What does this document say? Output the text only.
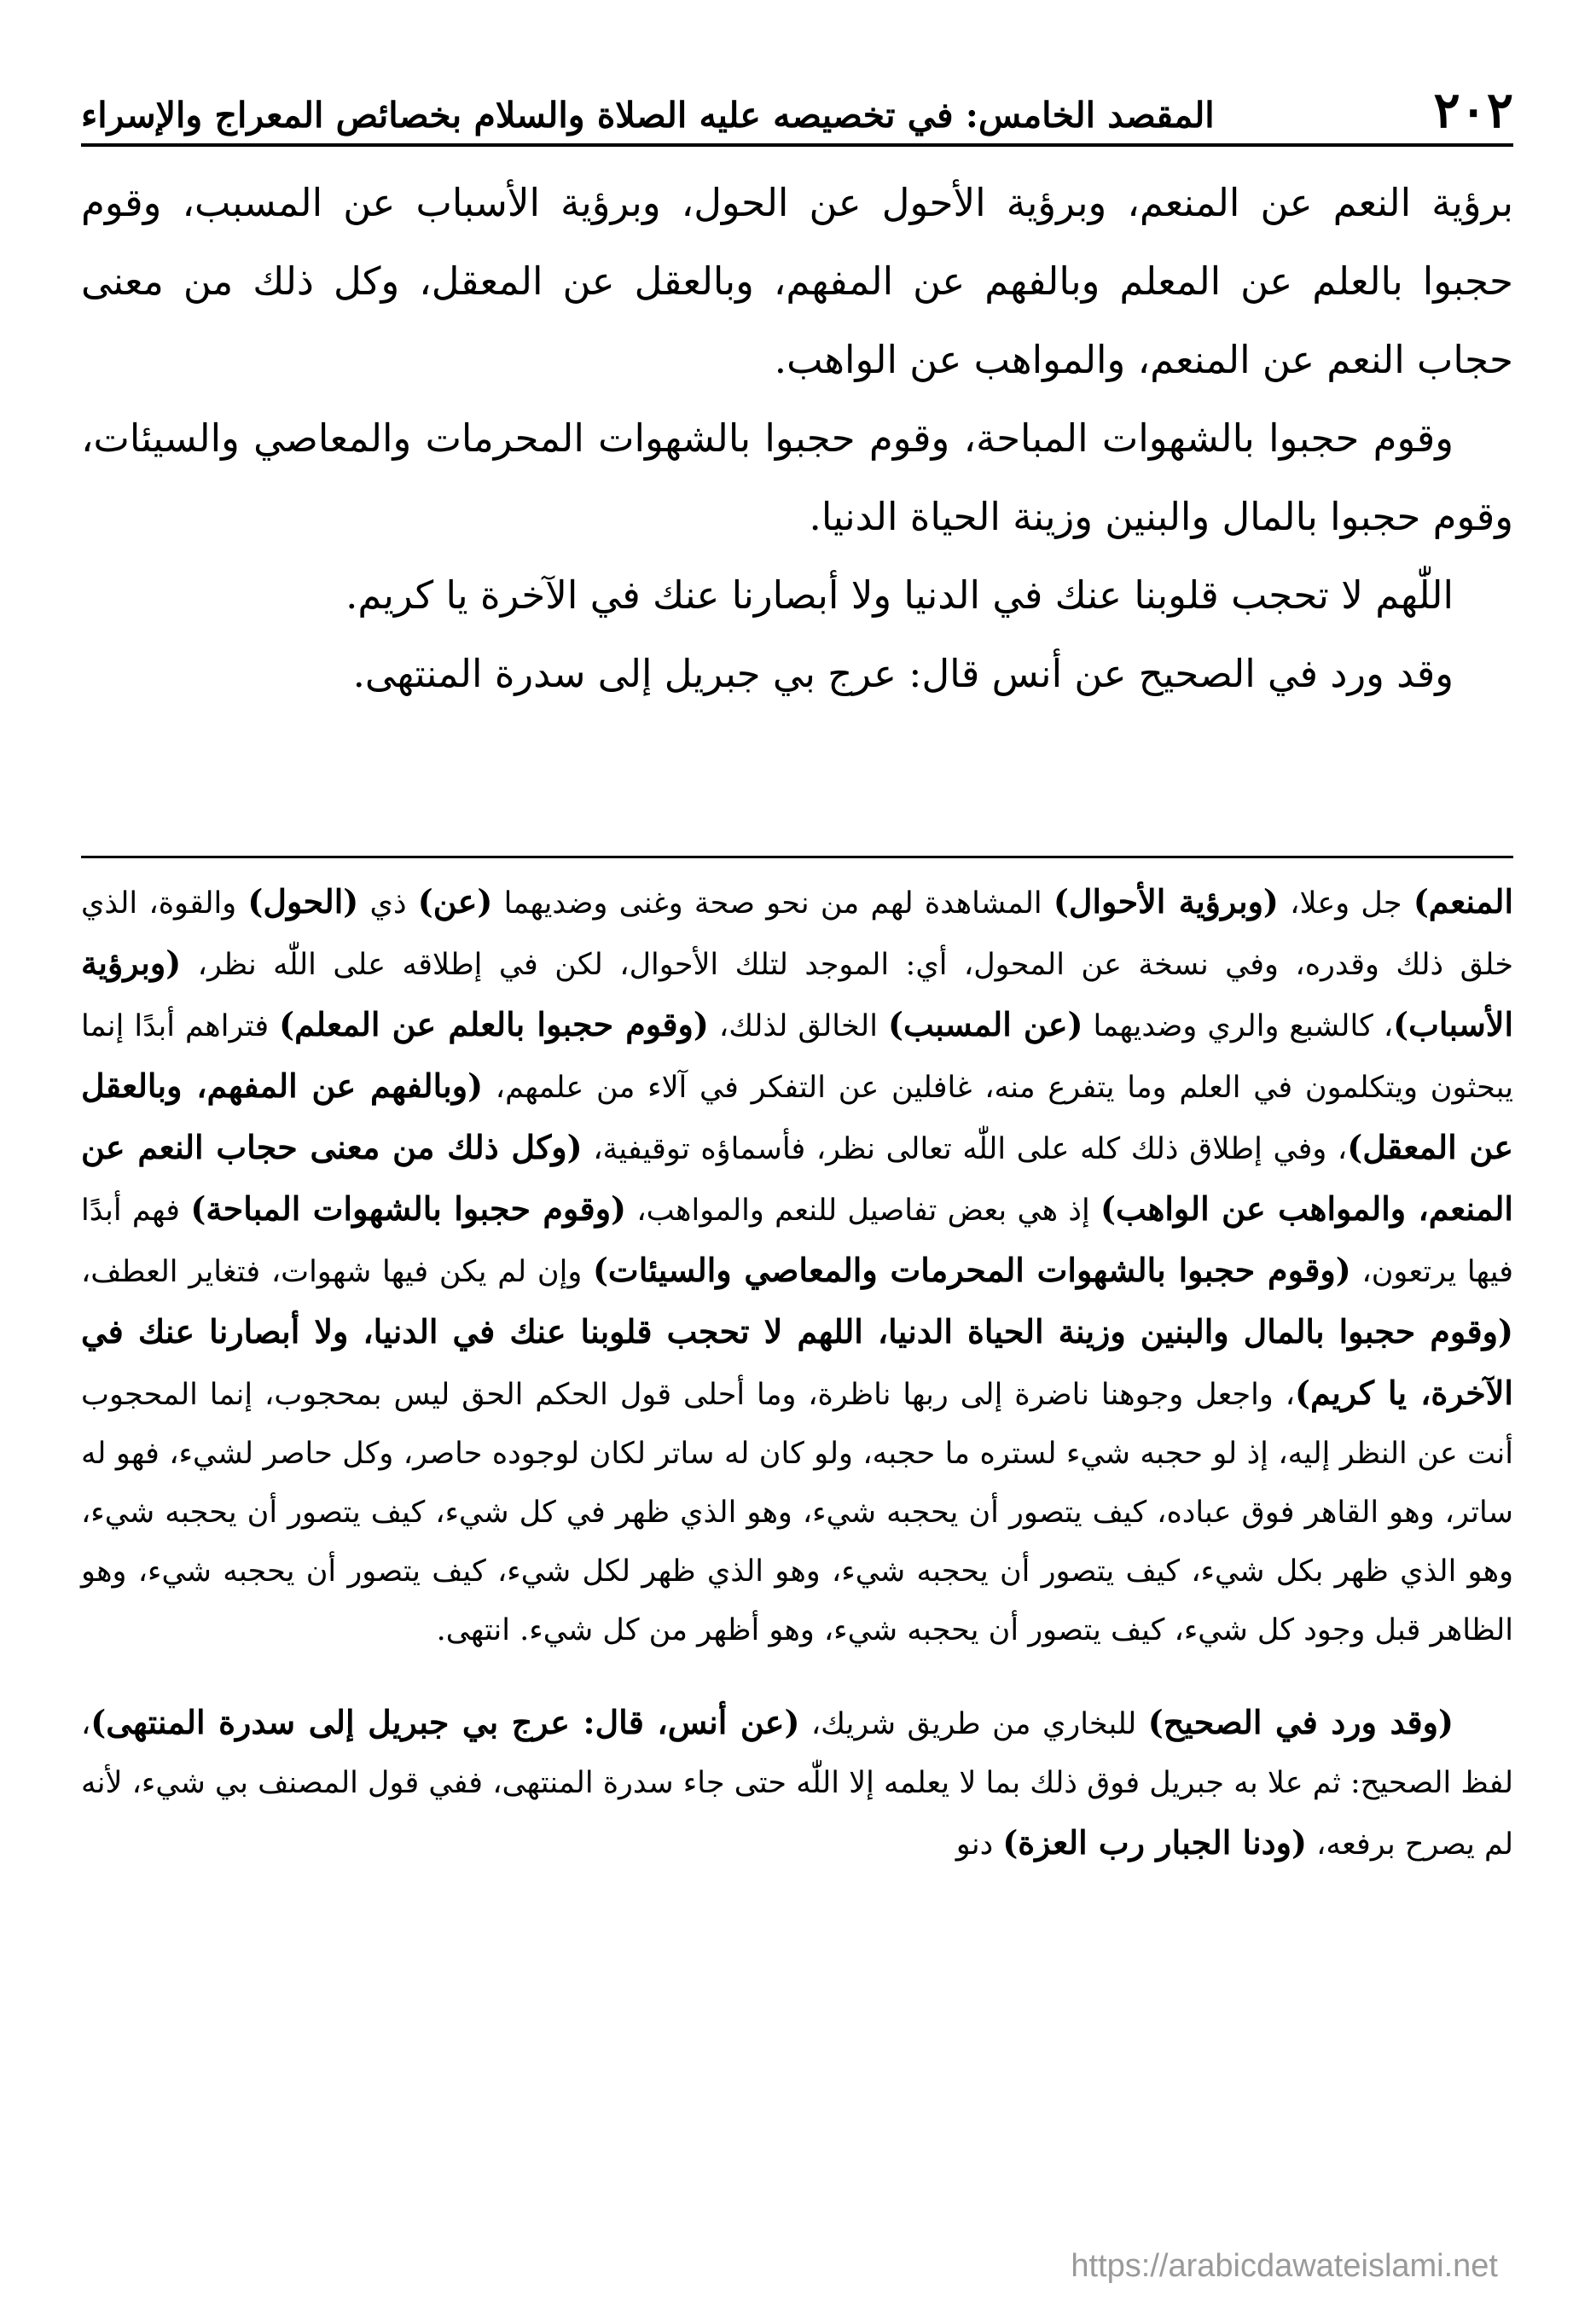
٢٠٢
المقصد الخامس: في تخصيصه عليه الصلاة والسلام بخصائص المعراج والإسراء

برؤية النعم عن المنعم، وبرؤية الأحول عن الحول، وبرؤية الأسباب عن المسبب، وقوم حجبوا بالعلم عن المعلم وبالفهم عن المفهم، وبالعقل عن المعقل، وكل ذلك من معنى حجاب النعم عن المنعم، والمواهب عن الواهب.

وقوم حجبوا بالشهوات المباحة، وقوم حجبوا بالشهوات المحرمات والمعاصي والسيئات، وقوم حجبوا بالمال والبنين وزينة الحياة الدنيا.

اللّٰهم لا تحجب قلوبنا عنك في الدنيا ولا أبصارنا عنك في الآخرة يا كريم.

وقد ورد في الصحيح عن أنس قال: عرج بي جبريل إلى سدرة المنتهى.

المنعم) جل وعلا، (وبرؤية الأحوال) المشاهدة لهم من نحو صحة وغنى وضديهما (عن) ذي (الحول) والقوة، الذي خلق ذلك وقدره، وفي نسخة عن المحول، أي: الموجد لتلك الأحوال، لكن في إطلاقه على اللّٰه نظر، (وبرؤية الأسباب)، كالشبع والري وضديهما (عن المسبب) الخالق لذلك، (وقوم حجبوا بالعلم عن المعلم) فتراهم أبدًا إنما يبحثون ويتكلمون في العلم وما يتفرع منه، غافلين عن التفكر في آلاء من علمهم، (وبالفهم عن المفهم، وبالعقل عن المعقل)، وفي إطلاق ذلك كله على اللّٰه تعالى نظر، فأسماؤه توقيفية، (وكل ذلك من معنى حجاب النعم عن المنعم، والمواهب عن الواهب) إذ هي بعض تفاصيل للنعم والمواهب، (وقوم حجبوا بالشهوات المباحة) فهم أبدًا فيها يرتعون، (وقوم حجبوا بالشهوات المحرمات والمعاصي والسيئات) وإن لم يكن فيها شهوات، فتغاير العطف، (وقوم حجبوا بالمال والبنين وزينة الحياة الدنيا، اللهم لا تحجب قلوبنا عنك في الدنيا، ولا أبصارنا عنك في الآخرة، يا كريم)، واجعل وجوهنا ناضرة إلى ربها ناظرة، وما أحلى قول الحكم الحق ليس بمحجوب، إنما المحجوب أنت عن النظر إليه، إذ لو حجبه شيء لستره ما حجبه، ولو كان له ساتر لكان لوجوده حاصر، وكل حاصر لشيء، فهو له ساتر، وهو القاهر فوق عباده، كيف يتصور أن يحجبه شيء، وهو الذي ظهر في كل شيء، كيف يتصور أن يحجبه شيء، وهو الذي ظهر بكل شيء، كيف يتصور أن يحجبه شيء، وهو الذي ظهر لكل شيء، كيف يتصور أن يحجبه شيء، وهو الظاهر قبل وجود كل شيء، كيف يتصور أن يحجبه شيء، وهو أظهر من كل شيء. انتهى.

(وقد ورد في الصحيح) للبخاري من طريق شريك، (عن أنس، قال: عرج بي جبريل إلى سدرة المنتهى)، لفظ الصحيح: ثم علا به جبريل فوق ذلك بما لا يعلمه إلا اللّٰه حتى جاء سدرة المنتهى، ففي قول المصنف بي شيء، لأنه لم يصرح برفعه، (ودنا الجبار رب العزة) دنو

https://arabicdawateislami.net
